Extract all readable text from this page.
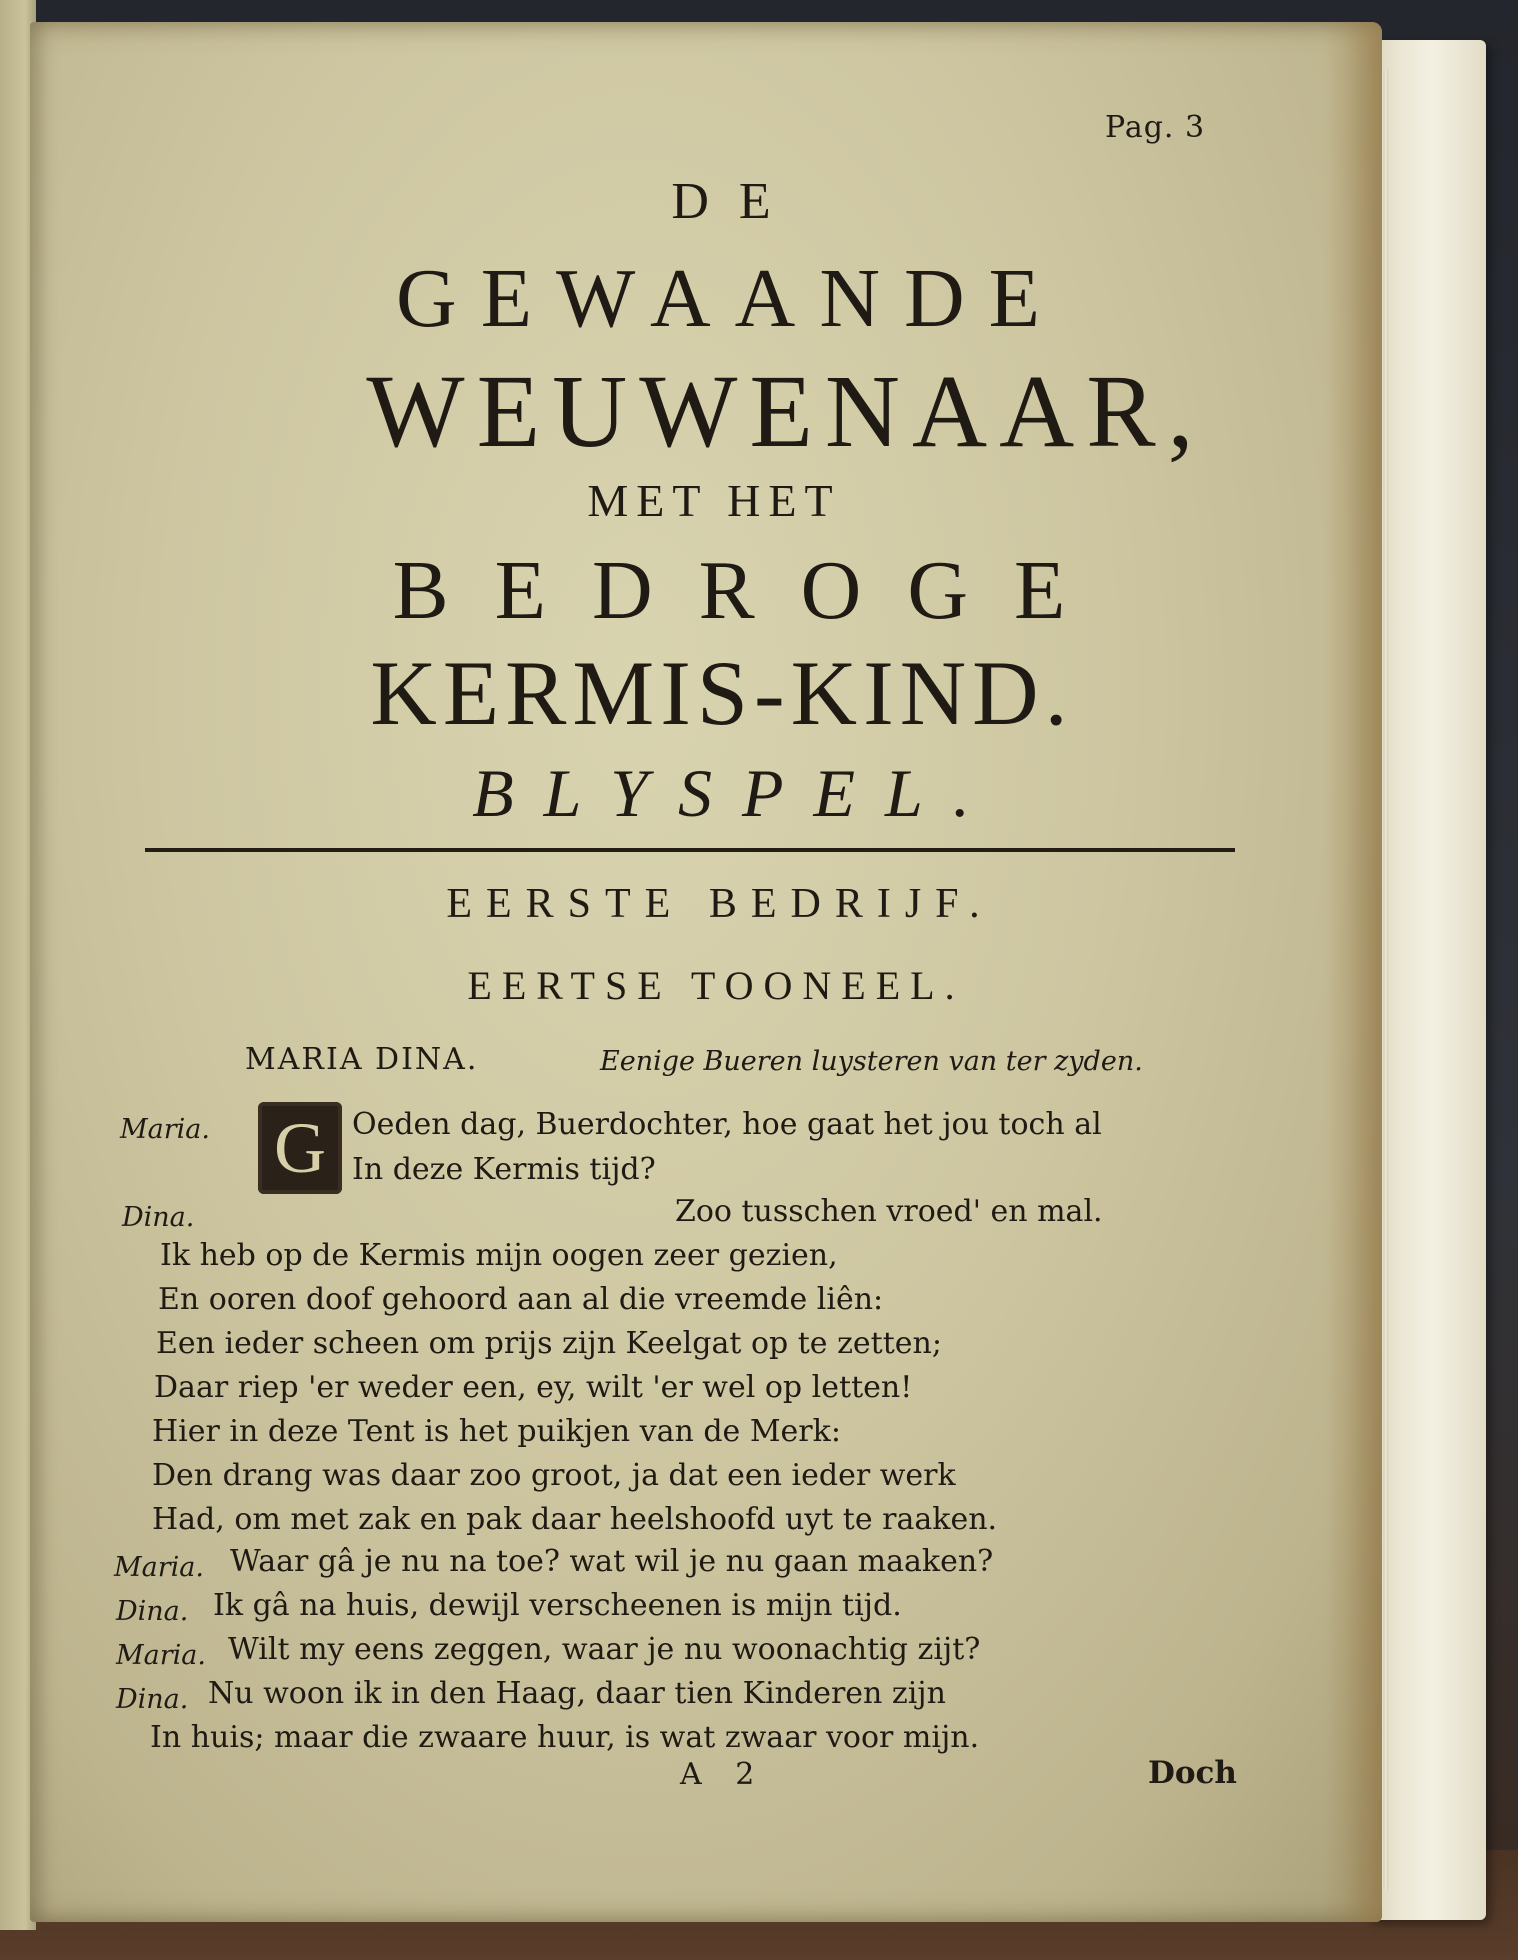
Pag. 3
DE
GEWAANDE
WEUWENAAR,
MET HET
BEDROGE
KERMIS-KIND.
BLYSPEL.
EERSTE BEDRIJF.
EERTSE TOONEEL.
MARIA DINA.	Eenige Bueren luysteren van ter zyden.
G
Maria.	Oeden dag, Buerdochter, hoe gaat het jou toch al
In deze Kermis tijd?
Dina.	Zoo tusschen vroed' en mal.
Ik heb op de Kermis mijn oogen zeer gezien,
En ooren doof gehoord aan al die vreemde liên:
Een ieder scheen om prijs zijn Keelgat op te zetten;
Daar riep 'er weder een, ey, wilt 'er wel op letten!
Hier in deze Tent is het puikjen van de Merk:
Den drang was daar zoo groot, ja dat een ieder werk
Had, om met zak en pak daar heelshoofd uyt te raaken.
Maria. Waar gâ je nu na toe? wat wil je nu gaan maaken?
Dina. Ik gâ na huis, dewijl verscheenen is mijn tijd.
Maria. Wilt my eens zeggen, waar je nu woonachtig zijt?
Dina. Nu woon ik in den Haag, daar tien Kinderen zijn
In huis; maar die zwaare huur, is wat zwaar voor mijn.
A 2	Doch
